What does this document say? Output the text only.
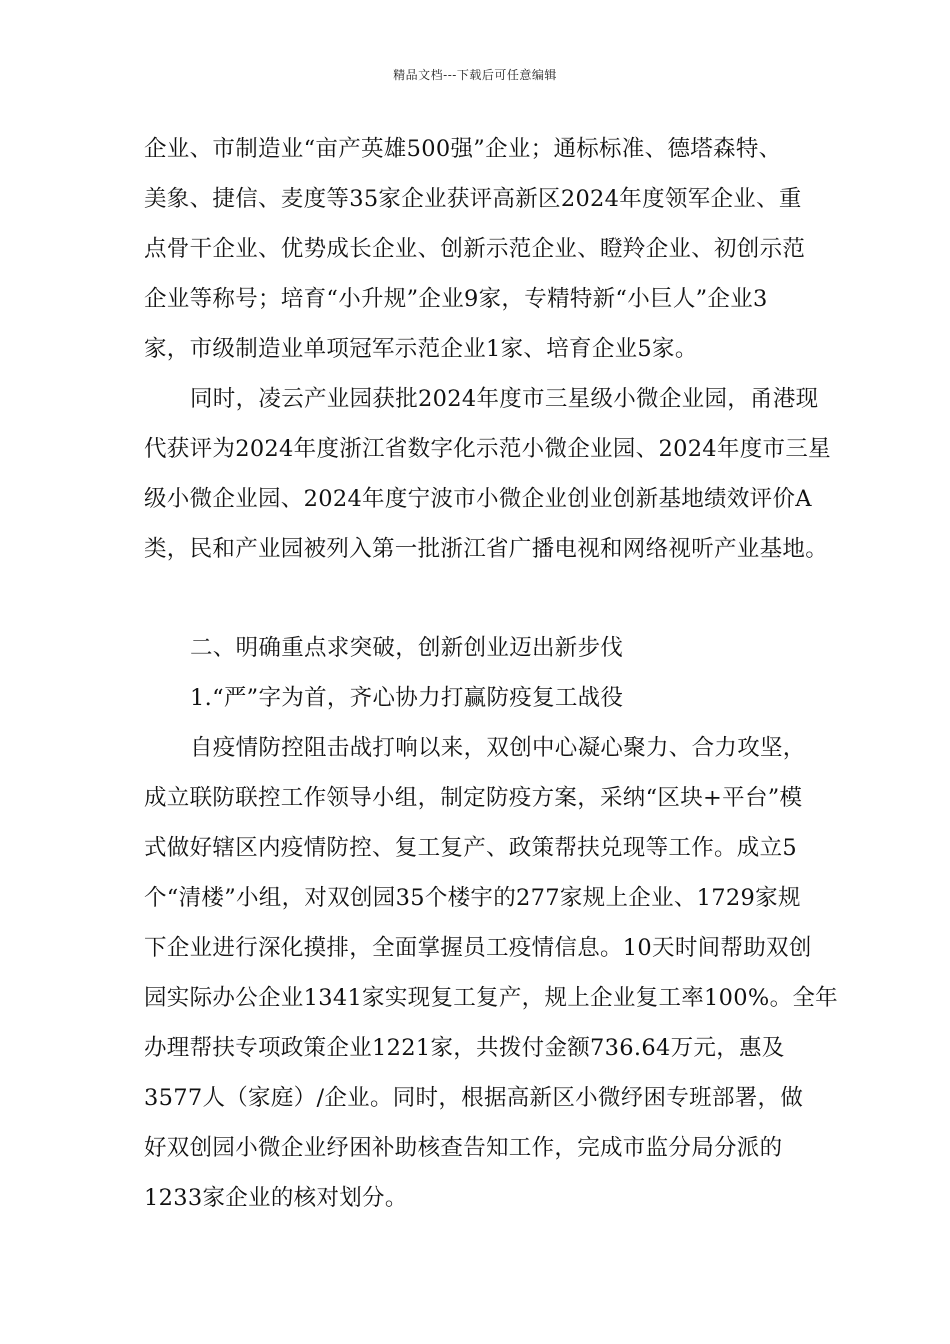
精品文档---下载后可任意编辑
企业、市制造业“亩产英雄500强”企业；通标标准、德塔森特、
美象、捷信、麦度等35家企业获评高新区2024年度领军企业、重
点骨干企业、优势成长企业、创新示范企业、瞪羚企业、初创示范
企业等称号；培育“小升规”企业9家，专精特新“小巨人”企业3
家，市级制造业单项冠军示范企业1家、培育企业5家。
同时，凌云产业园获批2024年度市三星级小微企业园，甬港现
代获评为2024年度浙江省数字化示范小微企业园、2024年度市三星
级小微企业园、2024年度宁波市小微企业创业创新基地绩效评价A
类，民和产业园被列入第一批浙江省广播电视和网络视听产业基地。
二、明确重点求突破，创新创业迈出新步伐
1.“严”字为首，齐心协力打赢防疫复工战役
自疫情防控阻击战打响以来，双创中心凝心聚力、合力攻坚，
成立联防联控工作领导小组，制定防疫方案，采纳“区块+平台”模
式做好辖区内疫情防控、复工复产、政策帮扶兑现等工作。成立5
个“清楼”小组，对双创园35个楼宇的277家规上企业、1729家规
下企业进行深化摸排，全面掌握员工疫情信息。10天时间帮助双创
园实际办公企业1341家实现复工复产，规上企业复工率100%。全年
办理帮扶专项政策企业1221家，共拨付金额736.64万元，惠及
3577人（家庭）/企业。同时，根据高新区小微纾困专班部署，做
好双创园小微企业纾困补助核查告知工作，完成市监分局分派的
1233家企业的核对划分。
